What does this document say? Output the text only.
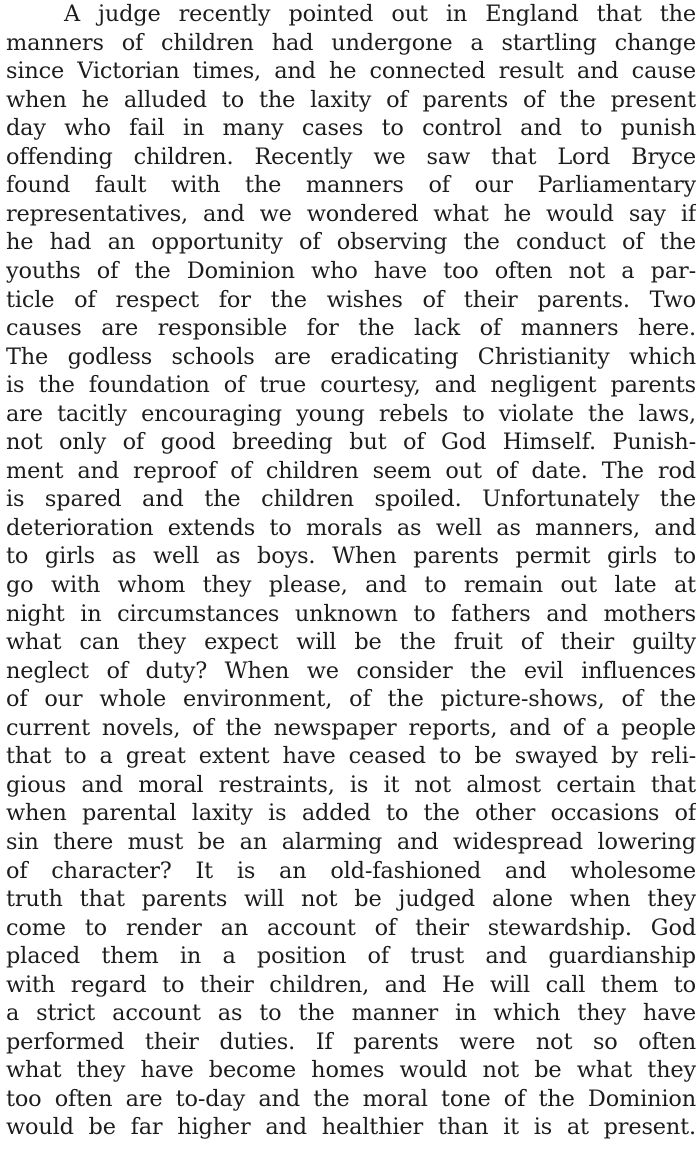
A judge recently pointed out in England that the
manners of children had undergone a startling change
since Victorian times, and he connected result and cause
when he alluded to the laxity of parents of the present
day who fail in many cases to control and to punish
offending children. Recently we saw that Lord Bryce
found fault with the manners of our Parliamentary
representatives, and we wondered what he would say if
he had an opportunity of observing the conduct of the
youths of the Dominion who have too often not a par-
ticle of respect for the wishes of their parents. Two
causes are responsible for the lack of manners here.
The godless schools are eradicating Christianity which
is the foundation of true courtesy, and negligent parents
are tacitly encouraging young rebels to violate the laws,
not only of good breeding but of God Himself. Punish-
ment and reproof of children seem out of date. The rod
is spared and the children spoiled. Unfortunately the
deterioration extends to morals as well as manners, and
to girls as well as boys. When parents permit girls to
go with whom they please, and to remain out late at
night in circumstances unknown to fathers and mothers
what can they expect will be the fruit of their guilty
neglect of duty? When we consider the evil influences
of our whole environment, of the picture-shows, of the
current novels, of the newspaper reports, and of a people
that to a great extent have ceased to be swayed by reli-
gious and moral restraints, is it not almost certain that
when parental laxity is added to the other occasions of
sin there must be an alarming and widespread lowering
of character? It is an old-fashioned and wholesome
truth that parents will not be judged alone when they
come to render an account of their stewardship. God
placed them in a position of trust and guardianship
with regard to their children, and He will call them to
a strict account as to the manner in which they have
performed their duties. If parents were not so often
what they have become homes would not be what they
too often are to-day and the moral tone of the Dominion
would be far higher and healthier than it is at present.
